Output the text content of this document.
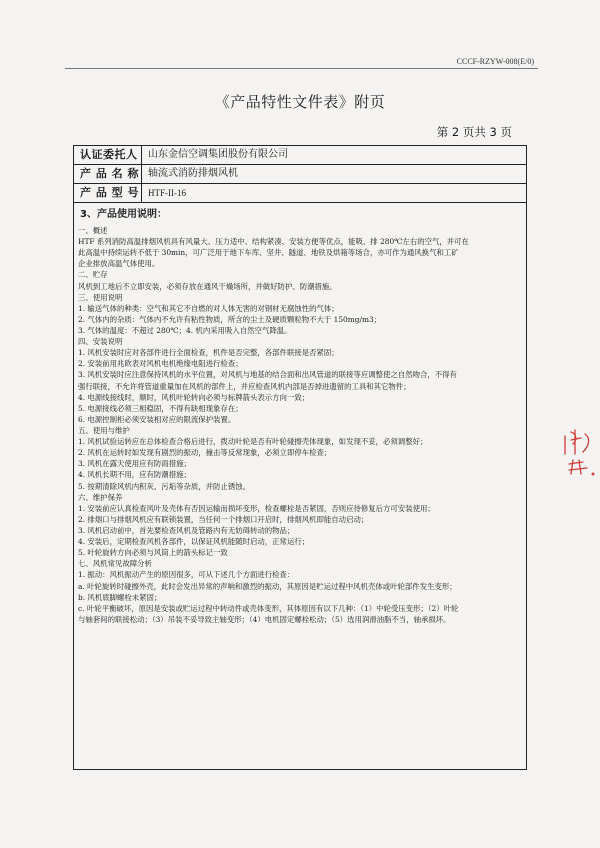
CCCF-RZYW-008(E/0)
《产品特性文件表》附页
第 2 页共 3 页
认证委托人	山东金信空调集团股份有限公司
产 品 名 称 轴流式消防排烟风机
产 品 型 号	HTF-II-16
3、产品使用说明：
一、概述
HTF 系列消防高温排烟风机具有风量大、压力适中、结构紧凑、安装方便等优点，能吸、排 280℃左右的空气，并可在
此高温中持续运转不低于 30min，可广泛用于地下车库、坚井、隧道、地铁及烘箱等场合，亦可作为通风换气和工矿
企业排放高温气体使用。
二、贮存
风机到工地后不立即安装，必须存放在通风干燥场所，并做好防护、防潮措施。
三、使用说明
1. 输送气体的种类：空气和其它不自燃的对人体无害的对钢材无腐蚀性的气体；
2. 气体内的杂质：气体内不允许有粘性物质，所含的尘土及硬质颗粒物不大于 150mg/m3；
3. 气体的温度：不超过 280℃；4. 机内采用吸入自然空气降温。
四、安装说明
1. 风机安装时应对各部件进行全面检查，机件是否完整，各部件联接是否紧固；
2. 安装前用兆欧表对风机电机绝缘电阻进行检查；
3. 风机安装时应注意保持风机的水平位置，对风机与地基的结合面和出风管道的联接等应调整使之自然吻合，不得有
强行联接，不允许将管道重量加在风机的部件上，并应检查风机内部是否掉进遗留的工具和其它物件；
4. 电源线接线时，顺时，风机叶轮转向必须与标牌箭头表示方向一致；
5. 电源接线必须三相稳固，不得有缺相现象存在；
6. 电源控制柜必须安装相对应的限流保护装置。
五、使用与维护
1. 风机试验运转应在总体检查合格后进行，拨动叶轮是否有叶轮碰擦壳体现象，如发现不妥，必须调整好；
2. 风机在运转时如发现有剧烈的振动，撞击等反常现象，必须立即停车检查；
3. 风机在露天使用应有防雨措施；
4. 风机长期不用，应有防潮措施；
5. 按期清除风机内积灰、污垢等杂质，并防止锈蚀。
六、维护保养
1. 安装前应认真检查风叶及壳体有否因运输而损坏变形，检查螺栓是否紧固，否则应待修复后方可安装使用；
2. 排烟口与排烟风机应有联锁装置，当任何一个排烟口开启时，排烟风机即能自动启动；
3. 风机启动前中，首先要检查风机及管路内有无妨碍转动的物品；
4. 安装后，定期检查风机各部件，以保证风机能随时启动，正常运行；
5. 叶轮旋转方向必须与风筒上的箭头标记一致
七、风机常见故障分析
1. 振动：风机振动产生的原因很多，可从下述几个方面进行检查：
a. 叶轮旋转时碰擦外壳，此时会发出异常的声响和激烈的振动，其原因是贮运过程中风机壳体或叶轮部件发生变形；
b. 风机底脚螺栓未紧固；
c. 叶轮平衡破坏，原因是安装或贮运过程中转动件或壳体变形，其体原因有以下几种：（1）中轮受压变形；（2）叶轮
与轴套间的联接松动；（3）吊装不妥导致主轴变形；（4）电机固定螺栓松动；（5）选用润滑油脂不当，轴承损坏。
